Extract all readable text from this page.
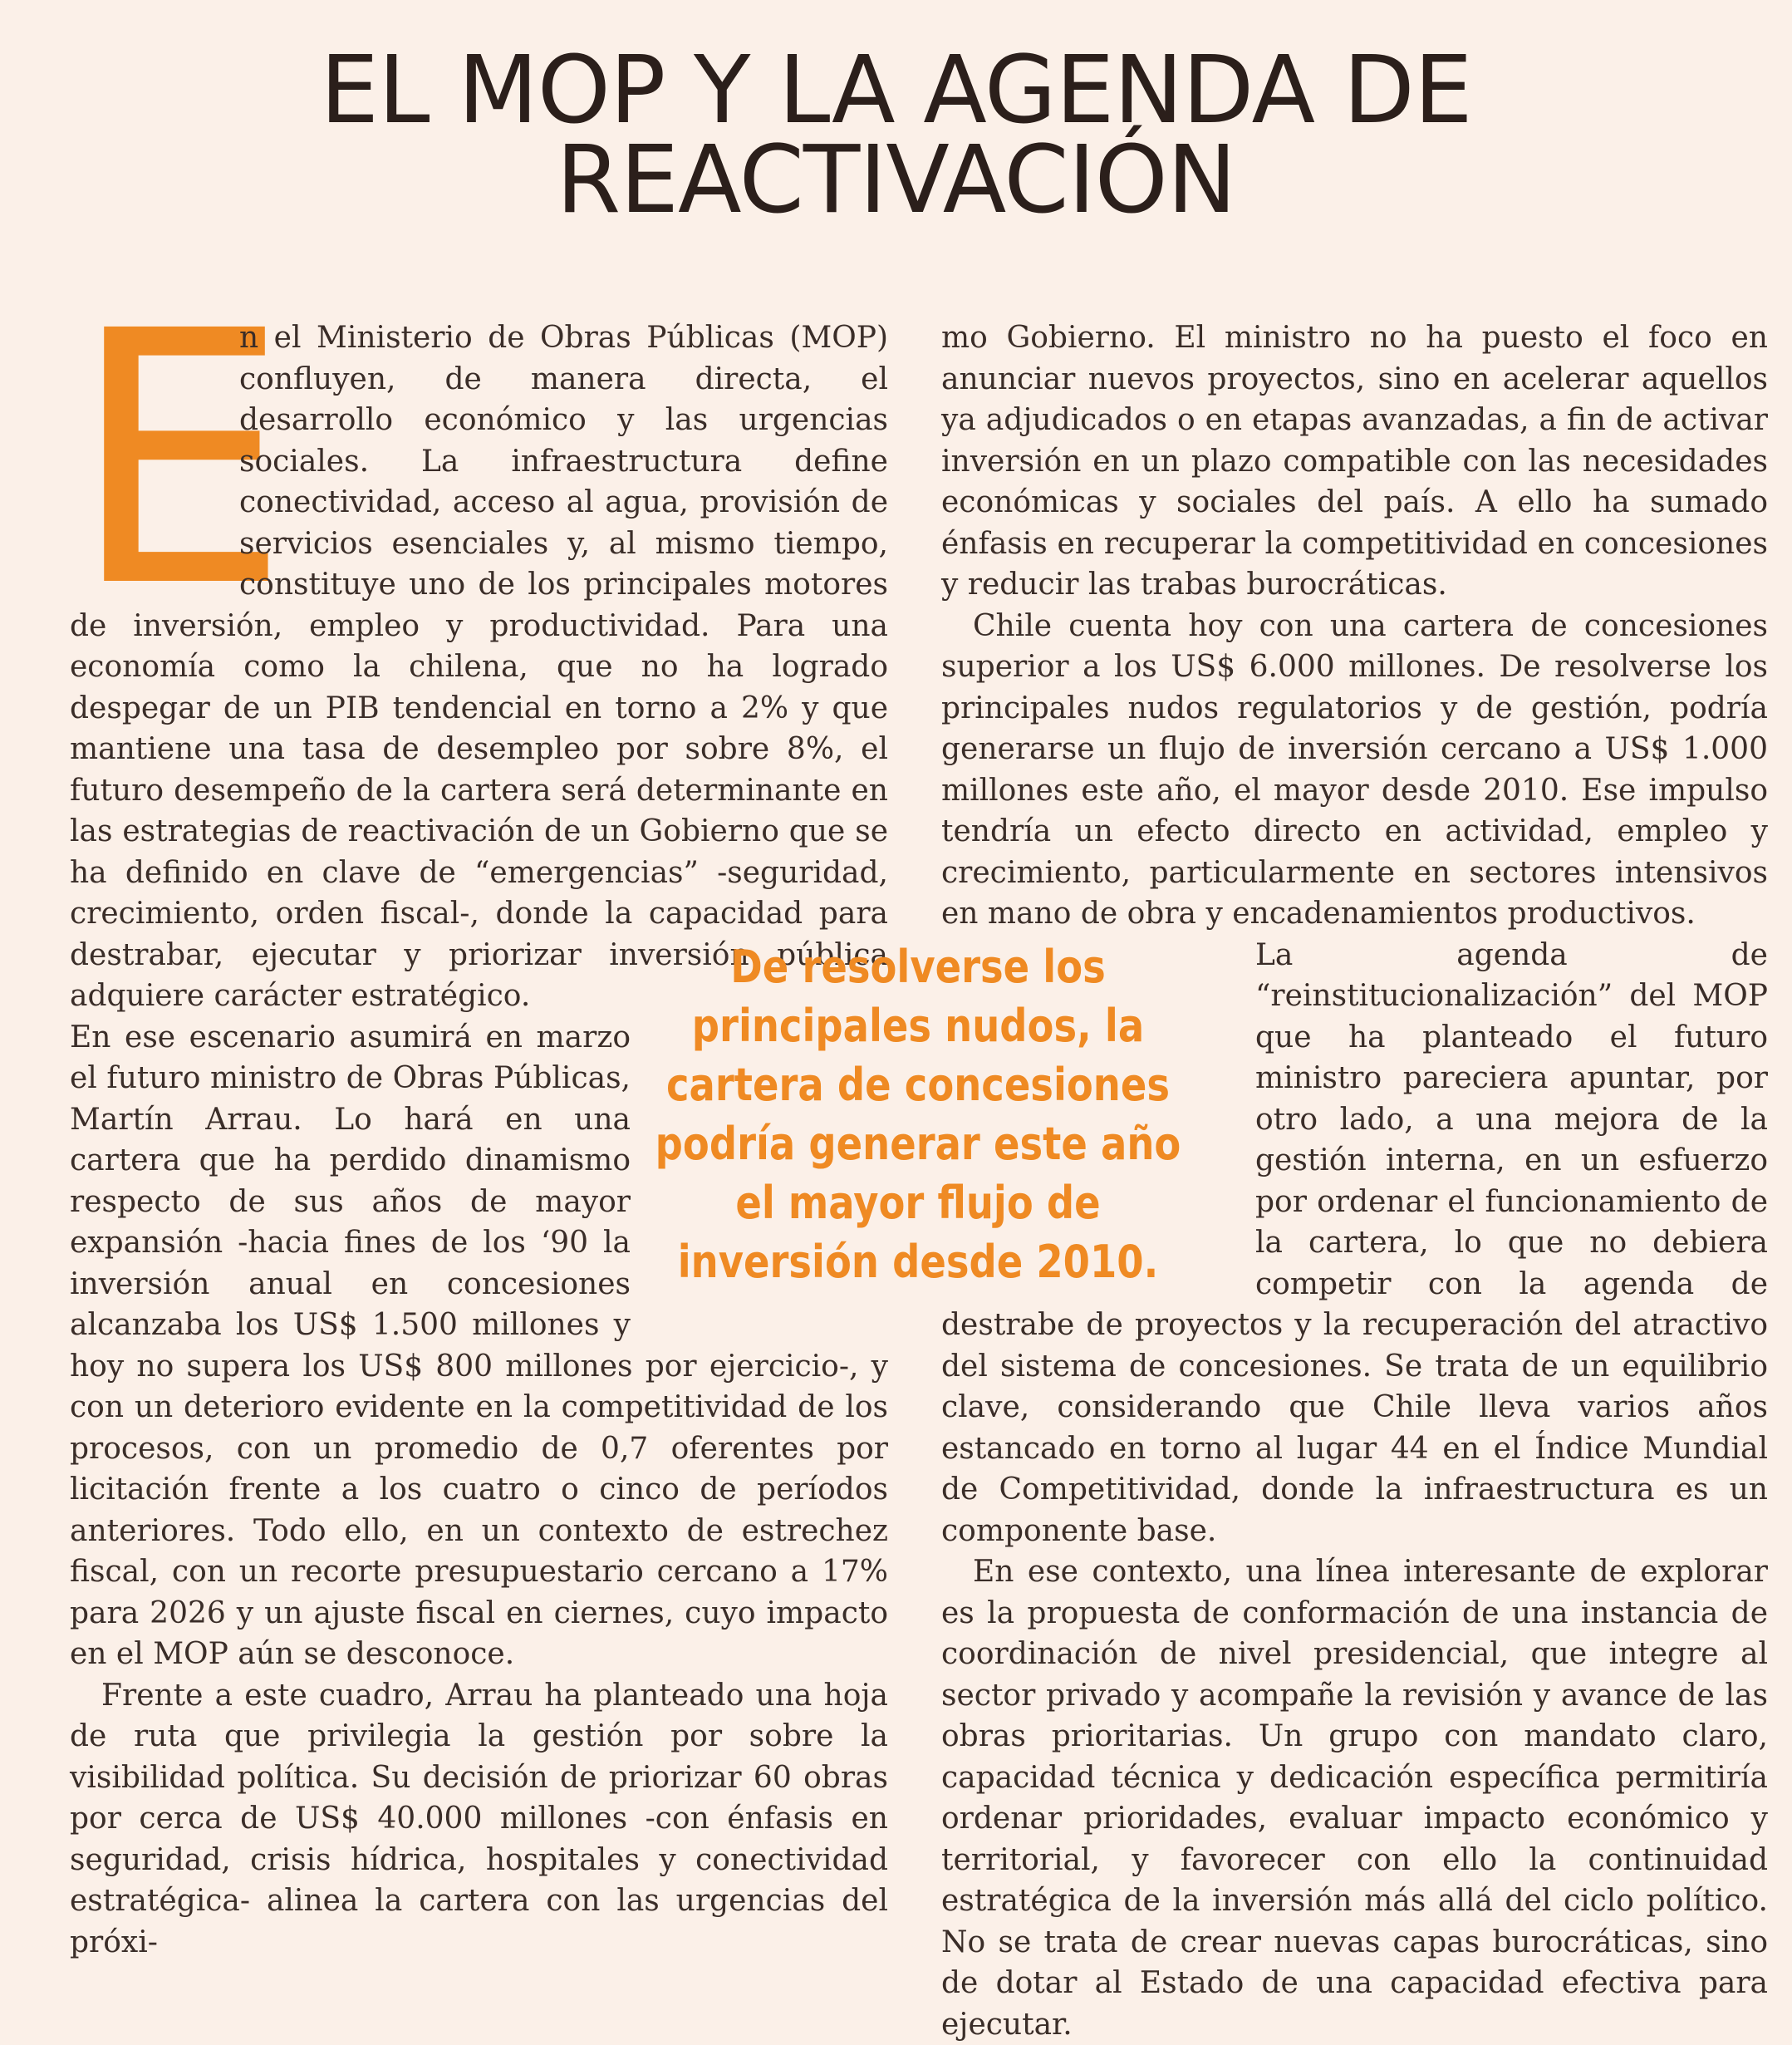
EL MOP Y LA AGENDA DE REACTIVACIÓN
E

n el Ministerio de Obras Públicas (MOP) confluyen, de manera directa, el desarrollo económico y las urgencias sociales. La infraestructura define conectividad, acceso al agua, provisión de servicios esenciales y, al mismo tiempo, constituye uno de los principales motores de inversión, empleo y productividad. Para una economía como la chilena, que no ha logrado despegar de un PIB tendencial en torno a 2% y que mantiene una tasa de desempleo por sobre 8%, el futuro desempeño de la cartera será determinante en las estrategias de reactivación de un Gobierno que se ha definido en clave de “emergencias” -seguridad, crecimiento, orden fiscal-, donde la capacidad para destrabar, ejecutar y priorizar inversión pública adquiere carácter estratégico.

En ese escenario asumirá en marzo el futuro ministro de Obras Públicas, Martín Arrau. Lo hará en una cartera que ha perdido dinamismo respecto de sus años de mayor expansión -hacia fines de los ‘90 la inversión anual en concesiones alcanzaba los US$ 1.500 millones y hoy no supera los US$ 800 millones por ejercicio-, y con un deterioro evidente en la competitividad de los procesos, con un promedio de 0,7 oferentes por licitación frente a los cuatro o cinco de períodos anteriores. Todo ello, en un contexto de estrechez fiscal, con un recorte presupuestario cercano a 17% para 2026 y un ajuste fiscal en ciernes, cuyo impacto en el MOP aún se desconoce.

Frente a este cuadro, Arrau ha planteado una hoja de ruta que privilegia la gestión por sobre la visibilidad política. Su decisión de priorizar 60 obras por cerca de US$ 40.000 millones -con énfasis en seguridad, crisis hídrica, hospitales y conectividad estratégica- alinea la cartera con las urgencias del próxi-

mo Gobierno. El ministro no ha puesto el foco en anunciar nuevos proyectos, sino en acelerar aquellos ya adjudicados o en etapas avanzadas, a fin de activar inversión en un plazo compatible con las necesidades económicas y sociales del país. A ello ha sumado énfasis en recuperar la competitividad en concesiones y reducir las trabas burocráticas.

Chile cuenta hoy con una cartera de concesiones superior a los US$ 6.000 millones. De resolverse los principales nudos regulatorios y de gestión, podría generarse un flujo de inversión cercano a US$ 1.000 millones este año, el mayor desde 2010. Ese impulso tendría un efecto directo en actividad, empleo y crecimiento, particularmente en sectores intensivos en mano de obra y encadenamientos productivos.

La agenda de “reinstitucionalización” del MOP que ha planteado el futuro ministro pareciera apuntar, por otro lado, a una mejora de la gestión interna, en un esfuerzo por ordenar el funcionamiento de la cartera, lo que no debiera competir con la agenda de destrabe de proyectos y la recuperación del atractivo del sistema de concesiones. Se trata de un equilibrio clave, considerando que Chile lleva varios años estancado en torno al lugar 44 en el Índice Mundial de Competitividad, donde la infraestructura es un componente base.

En ese contexto, una línea interesante de explorar es la propuesta de conformación de una instancia de coordinación de nivel presidencial, que integre al sector privado y acompañe la revisión y avance de las obras prioritarias. Un grupo con mandato claro, capacidad técnica y dedicación específica permitiría ordenar prioridades, evaluar impacto económico y territorial, y favorecer con ello la continuidad estratégica de la inversión más allá del ciclo político. No se trata de crear nuevas capas burocráticas, sino de dotar al Estado de una capacidad efectiva para ejecutar.

De resolverse los principales nudos, la cartera de concesiones podría generar este año el mayor flujo de inversión desde 2010.
